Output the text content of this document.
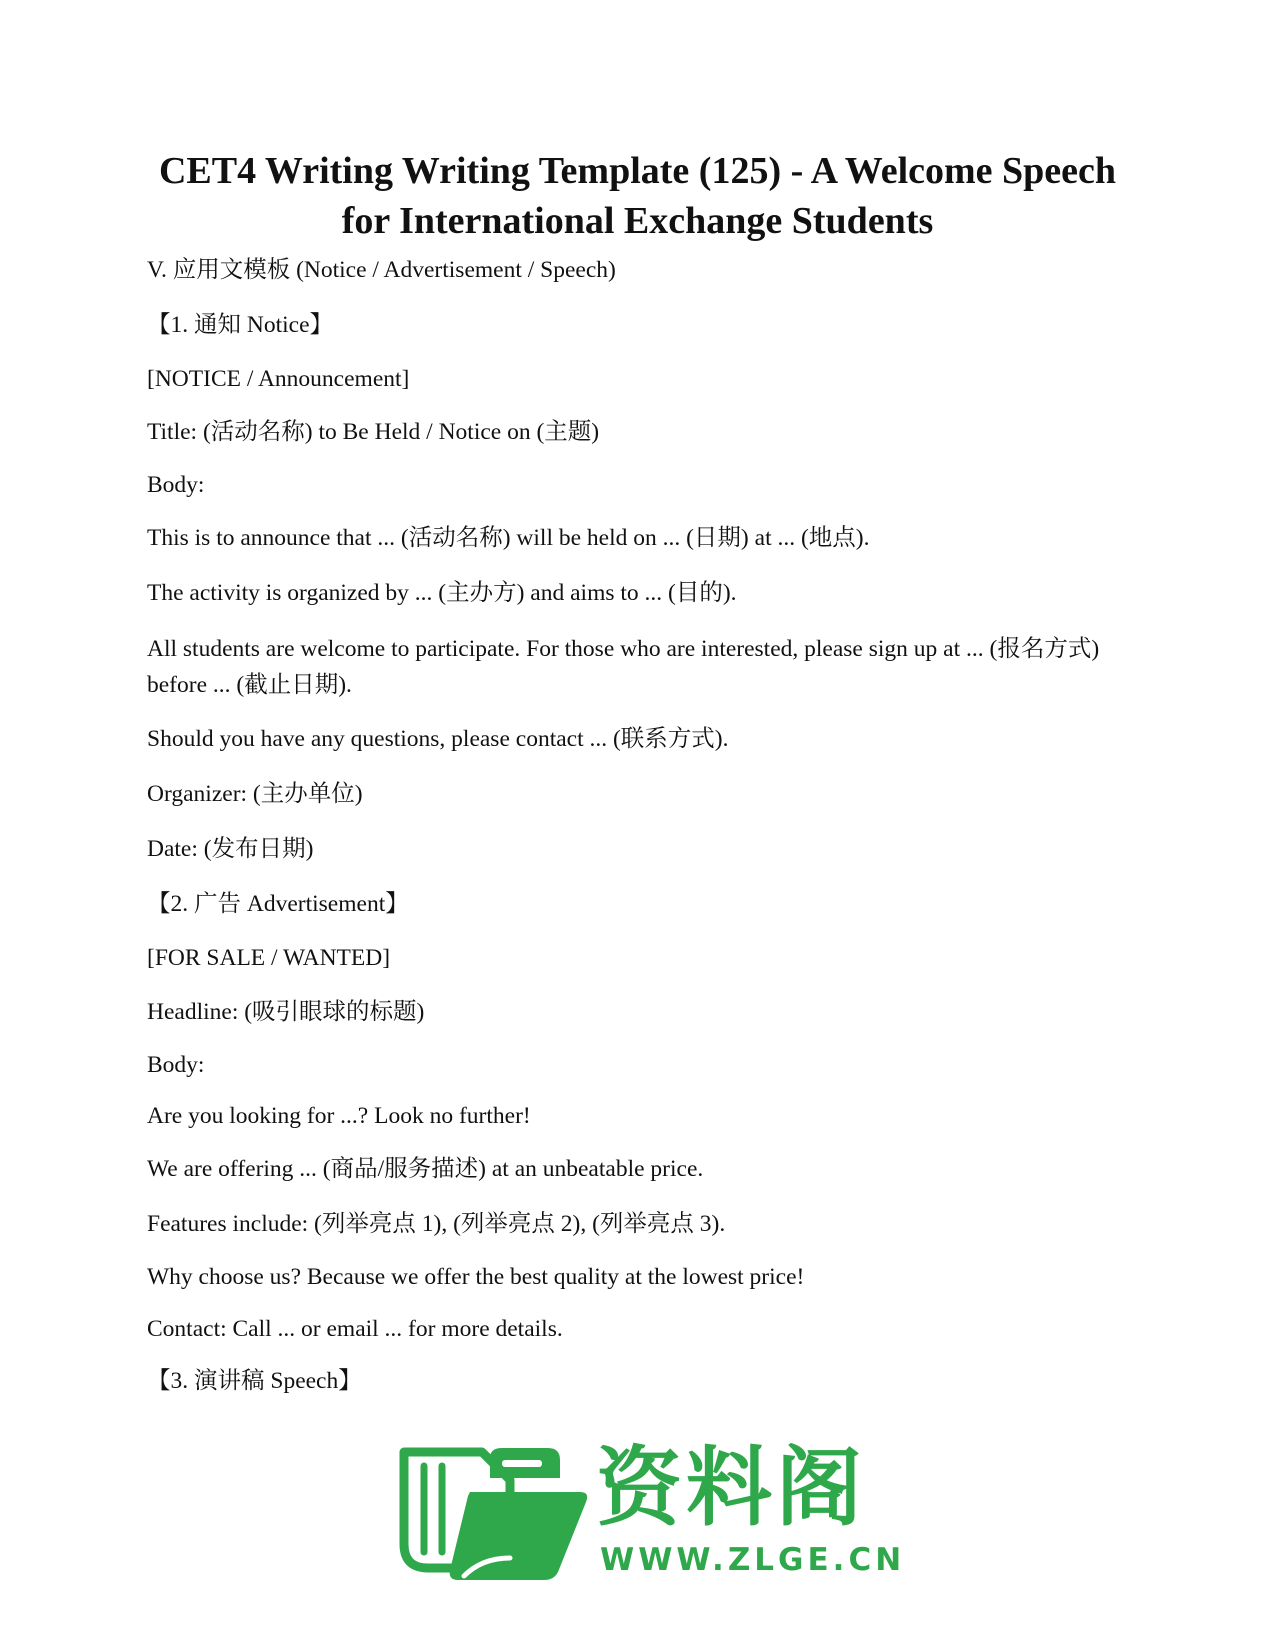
CET4 Writing Writing Template (125) - A Welcome Speech
for International Exchange Students

V. 应用文模板 (Notice / Advertisement / Speech)

【1. 通知 Notice】

[NOTICE / Announcement]

Title: (活动名称) to Be Held / Notice on (主题)

Body:

This is to announce that ... (活动名称) will be held on ... (日期) at ... (地点).

The activity is organized by ... (主办方) and aims to ... (目的).

All students are welcome to participate. For those who are interested, please sign up at ... (报名方式) before ... (截止日期).

Should you have any questions, please contact ... (联系方式).

Organizer: (主办单位)

Date: (发布日期)

【2. 广告 Advertisement】

[FOR SALE / WANTED]

Headline: (吸引眼球的标题)

Body:

Are you looking for ...? Look no further!

We are offering ... (商品/服务描述) at an unbeatable price.

Features include: (列举亮点 1), (列举亮点 2), (列举亮点 3).

Why choose us? Because we offer the best quality at the lowest price!

Contact: Call ... or email ... for more details.

【3. 演讲稿 Speech】

资料阁
WWW.ZLGE.CN
